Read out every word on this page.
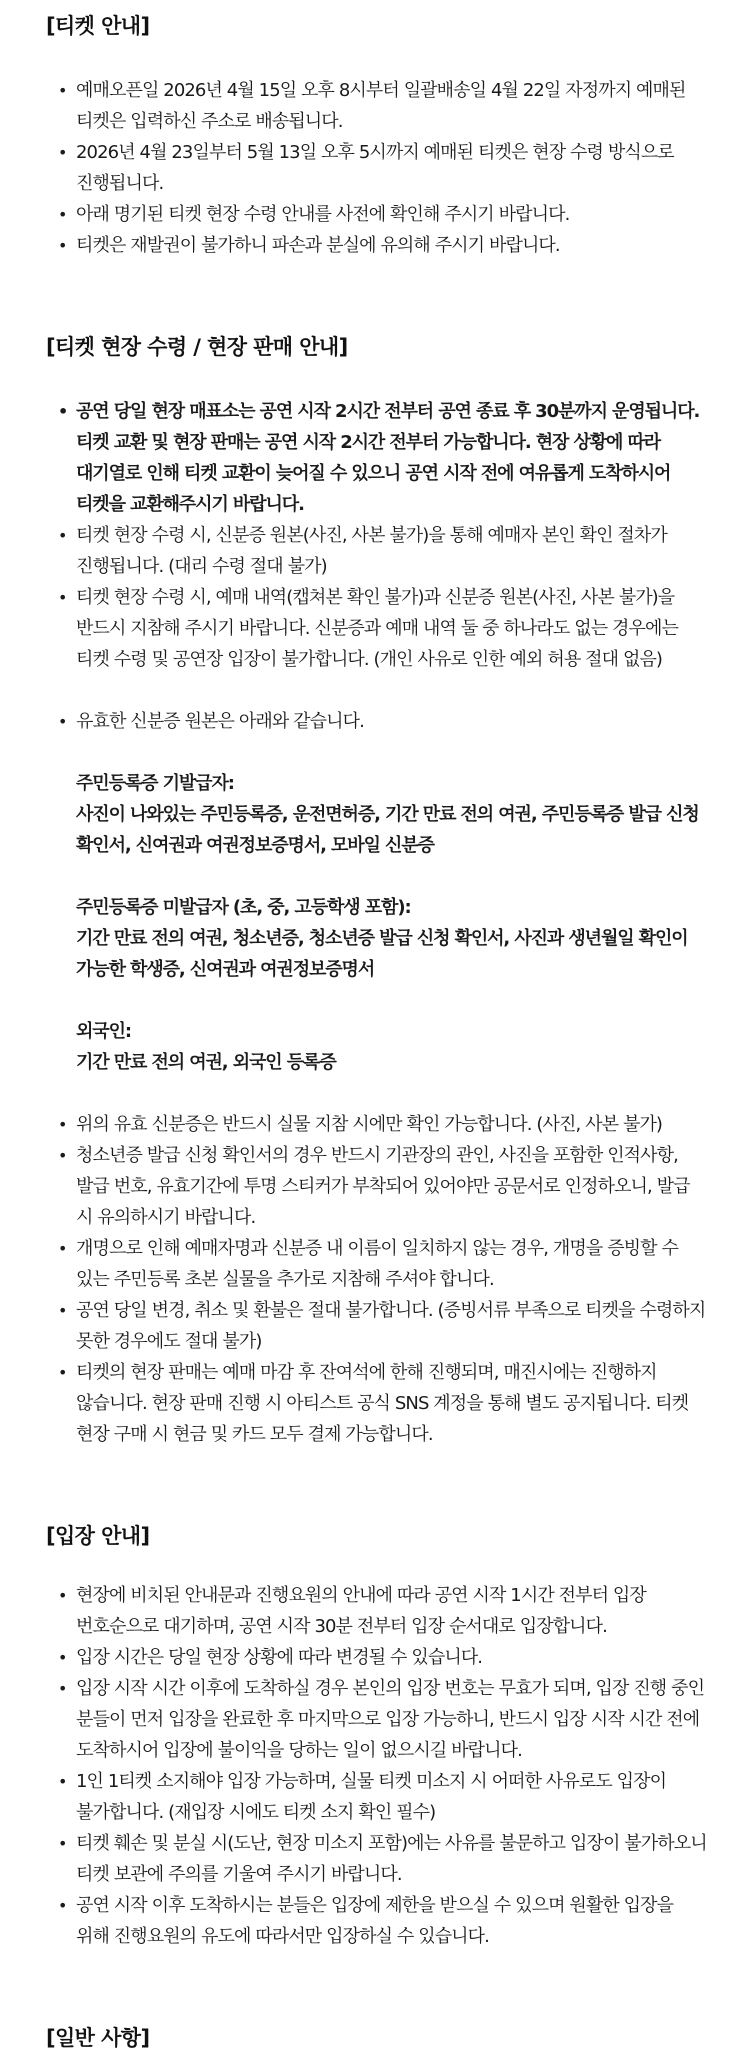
[티켓 안내]
• 예매오픈일 2026년 4월 15일 오후 8시부터 일괄배송일 4월 22일 자정까지 예매된 티켓은 입력하신 주소로 배송됩니다.
• 2026년 4월 23일부터 5월 13일 오후 5시까지 예매된 티켓은 현장 수령 방식으로 진행됩니다.
• 아래 명기된 티켓 현장 수령 안내를 사전에 확인해 주시기 바랍니다.
• 티켓은 재발권이 불가하니 파손과 분실에 유의해 주시기 바랍니다.
[티켓 현장 수령 / 현장 판매 안내]
• 공연 당일 현장 매표소는 공연 시작 2시간 전부터 공연 종료 후 30분까지 운영됩니다. 티켓 교환 및 현장 판매는 공연 시작 2시간 전부터 가능합니다. 현장 상황에 따라 대기열로 인해 티켓 교환이 늦어질 수 있으니 공연 시작 전에 여유롭게 도착하시어 티켓을 교환해주시기 바랍니다.
• 티켓 현장 수령 시, 신분증 원본(사진, 사본 불가)을 통해 예매자 본인 확인 절차가 진행됩니다. (대리 수령 절대 불가)
• 티켓 현장 수령 시, 예매 내역(캡쳐본 확인 불가)과 신분증 원본(사진, 사본 불가)을 반드시 지참해 주시기 바랍니다. 신분증과 예매 내역 둘 중 하나라도 없는 경우에는 티켓 수령 및 공연장 입장이 불가합니다. (개인 사유로 인한 예외 허용 절대 없음)
• 유효한 신분증 원본은 아래와 같습니다.
주민등록증 기발급자:
사진이 나와있는 주민등록증, 운전면허증, 기간 만료 전의 여권, 주민등록증 발급 신청 확인서, 신여권과 여권정보증명서, 모바일 신분증
주민등록증 미발급자 (초, 중, 고등학생 포함):
기간 만료 전의 여권, 청소년증, 청소년증 발급 신청 확인서, 사진과 생년월일 확인이 가능한 학생증, 신여권과 여권정보증명서
외국인:
기간 만료 전의 여권, 외국인 등록증
• 위의 유효 신분증은 반드시 실물 지참 시에만 확인 가능합니다. (사진, 사본 불가)
• 청소년증 발급 신청 확인서의 경우 반드시 기관장의 관인, 사진을 포함한 인적사항, 발급 번호, 유효기간에 투명 스티커가 부착되어 있어야만 공문서로 인정하오니, 발급 시 유의하시기 바랍니다.
• 개명으로 인해 예매자명과 신분증 내 이름이 일치하지 않는 경우, 개명을 증빙할 수 있는 주민등록 초본 실물을 추가로 지참해 주셔야 합니다.
• 공연 당일 변경, 취소 및 환불은 절대 불가합니다. (증빙서류 부족으로 티켓을 수령하지 못한 경우에도 절대 불가)
• 티켓의 현장 판매는 예매 마감 후 잔여석에 한해 진행되며, 매진시에는 진행하지 않습니다. 현장 판매 진행 시 아티스트 공식 SNS 계정을 통해 별도 공지됩니다. 티켓 현장 구매 시 현금 및 카드 모두 결제 가능합니다.
[입장 안내]
• 현장에 비치된 안내문과 진행요원의 안내에 따라 공연 시작 1시간 전부터 입장 번호순으로 대기하며, 공연 시작 30분 전부터 입장 순서대로 입장합니다.
• 입장 시간은 당일 현장 상황에 따라 변경될 수 있습니다.
• 입장 시작 시간 이후에 도착하실 경우 본인의 입장 번호는 무효가 되며, 입장 진행 중인 분들이 먼저 입장을 완료한 후 마지막으로 입장 가능하니, 반드시 입장 시작 시간 전에 도착하시어 입장에 불이익을 당하는 일이 없으시길 바랍니다.
• 1인 1티켓 소지해야 입장 가능하며, 실물 티켓 미소지 시 어떠한 사유로도 입장이 불가합니다. (재입장 시에도 티켓 소지 확인 필수)
• 티켓 훼손 및 분실 시(도난, 현장 미소지 포함)에는 사유를 불문하고 입장이 불가하오니 티켓 보관에 주의를 기울여 주시기 바랍니다.
• 공연 시작 이후 도착하시는 분들은 입장에 제한을 받으실 수 있으며 원활한 입장을 위해 진행요원의 유도에 따라서만 입장하실 수 있습니다.
[일반 사항]
